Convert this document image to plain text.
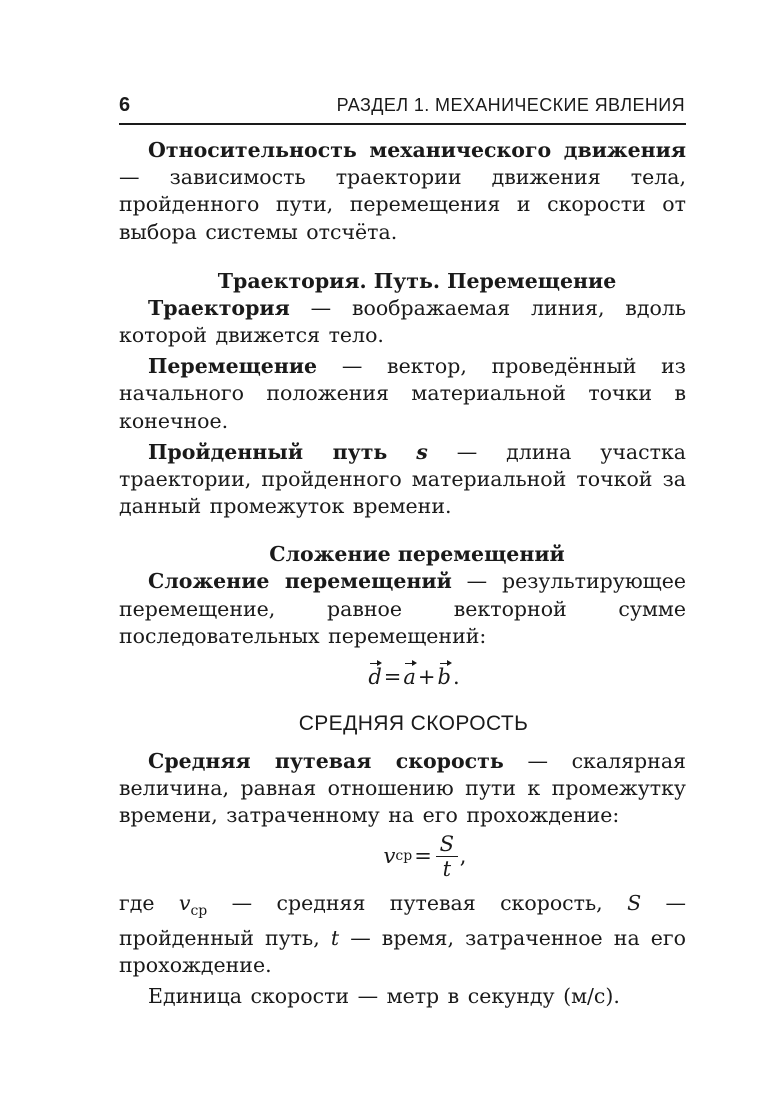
6	РАЗДЕЛ 1. МЕХАНИЧЕСКИЕ ЯВЛЕНИЯ

Относительность механического движения — зависимость траектории движения тела, пройденного пути, перемещения и скорости от выбора системы отсчёта.

Траектория. Путь. Перемещение

Траектория — воображаемая линия, вдоль которой движется тело.

Перемещение — вектор, проведённый из начального положения материальной точки в конечное.

Пройденный путь s — длина участка траектории, пройденного материальной точкой за данный промежуток времени.

Сложение перемещений

Сложение перемещений — результирующее перемещение, равное векторной сумме последовательных перемещений:

d=a+b.
СРЕДНЯЯ СКОРОСТЬ

Средняя путевая скорость — скалярная величина, равная отношению пути к промежутку времени, затраченному на его прохождение:

v ср = $\frac{S}{t}$ ,

где $v_{ср}$ — средняя путевая скорость, S — пройденный путь, t — время, затраченное на его прохождение.

Единица скорости — метр в секунду (м/с).
